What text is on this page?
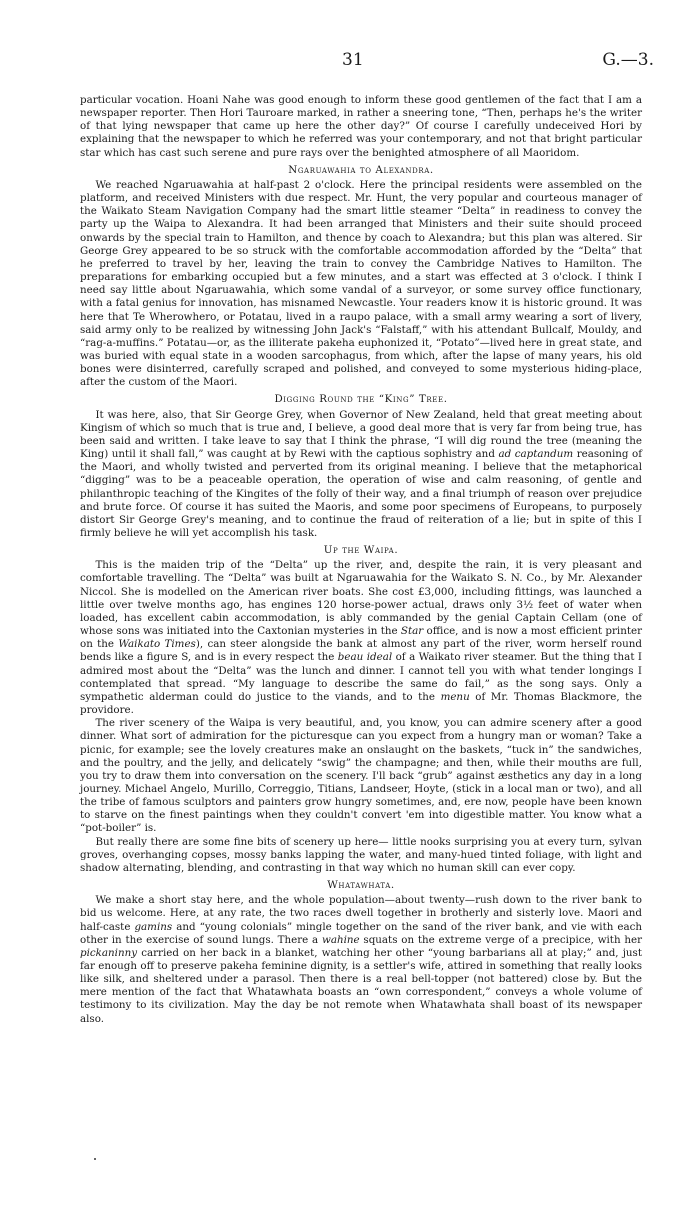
31	G.—3.

particular vocation. Hoani Nahe was good enough to inform these good gentlemen of the fact that I am a newspaper reporter. Then Hori Tauroare marked, in rather a sneering tone, “Then, perhaps he's the writer of that lying newspaper that came up here the other day?” Of course I carefully undeceived Hori by explaining that the newspaper to which he referred was your contemporary, and not that bright particular star which has cast such serene and pure rays over the benighted atmosphere of all Maoridom.

Ngaruawahia to Alexandra.

We reached Ngaruawahia at half-past 2 o'clock. Here the principal residents were assembled on the platform, and received Ministers with due respect. Mr. Hunt, the very popular and courteous manager of the Waikato Steam Navigation Company had the smart little steamer “Delta” in readiness to convey the party up the Waipa to Alexandra. It had been arranged that Ministers and their suite should proceed onwards by the special train to Hamilton, and thence by coach to Alexandra; but this plan was altered. Sir George Grey appeared to be so struck with the comfortable accommodation afforded by the “Delta” that he preferred to travel by her, leaving the train to convey the Cambridge Natives to Hamilton. The preparations for embarking occupied but a few minutes, and a start was effected at 3 o'clock. I think I need say little about Ngaruawahia, which some vandal of a surveyor, or some survey office functionary, with a fatal genius for innovation, has misnamed Newcastle. Your readers know it is historic ground. It was here that Te Wherowhero, or Potatau, lived in a raupo palace, with a small army wearing a sort of livery, said army only to be realized by witnessing John Jack's “Falstaff,” with his attendant Bullcalf, Mouldy, and “rag-a-muffins.” Potatau—or, as the illiterate pakeha euphonized it, “Potato”—lived here in great state, and was buried with equal state in a wooden sarcophagus, from which, after the lapse of many years, his old bones were disinterred, carefully scraped and polished, and conveyed to some mysterious hiding-place, after the custom of the Maori.

Digging Round the “King” Tree.

It was here, also, that Sir George Grey, when Governor of New Zealand, held that great meeting about Kingism of which so much that is true and, I believe, a good deal more that is very far from being true, has been said and written. I take leave to say that I think the phrase, “I will dig round the tree (meaning the King) until it shall fall,” was caught at by Rewi with the captious sophistry and ad captandum reasoning of the Maori, and wholly twisted and perverted from its original meaning. I believe that the metaphorical “digging” was to be a peaceable operation, the operation of wise and calm reasoning, of gentle and philanthropic teaching of the Kingites of the folly of their way, and a final triumph of reason over prejudice and brute force. Of course it has suited the Maoris, and some poor specimens of Europeans, to purposely distort Sir George Grey's meaning, and to continue the fraud of reiteration of a lie; but in spite of this I firmly believe he will yet accomplish his task.

Up the Waipa.

This is the maiden trip of the “Delta” up the river, and, despite the rain, it is very pleasant and comfortable travelling. The “Delta” was built at Ngaruawahia for the Waikato S. N. Co., by Mr. Alexander Niccol. She is modelled on the American river boats. She cost £3,000, including fittings, was launched a little over twelve months ago, has engines 120 horse-power actual, draws only 3½ feet of water when loaded, has excellent cabin accommodation, is ably commanded by the genial Captain Cellam (one of whose sons was initiated into the Caxtonian mysteries in the Star office, and is now a most efficient printer on the Waikato Times), can steer alongside the bank at almost any part of the river, worm herself round bends like a figure S, and is in every respect the beau ideal of a Waikato river steamer. But the thing that I admired most about the “Delta” was the lunch and dinner. I cannot tell you with what tender longings I contemplated that spread. “My language to describe the same do fail,” as the song says. Only a sympathetic alderman could do justice to the viands, and to the menu of Mr. Thomas Blackmore, the providore.

The river scenery of the Waipa is very beautiful, and, you know, you can admire scenery after a good dinner. What sort of admiration for the picturesque can you expect from a hungry man or woman? Take a picnic, for example; see the lovely creatures make an onslaught on the baskets, “tuck in” the sandwiches, and the poultry, and the jelly, and delicately “swig” the champagne; and then, while their mouths are full, you try to draw them into conversation on the scenery. I'll back “grub” against æsthetics any day in a long journey. Michael Angelo, Murillo, Correggio, Titians, Landseer, Hoyte, (stick in a local man or two), and all the tribe of famous sculptors and painters grow hungry sometimes, and, ere now, people have been known to starve on the finest paintings when they couldn't convert 'em into digestible matter. You know what a “pot-boiler” is.

But really there are some fine bits of scenery up here— little nooks surprising you at every turn, sylvan groves, overhanging copses, mossy banks lapping the water, and many-hued tinted foliage, with light and shadow alternating, blending, and contrasting in that way which no human skill can ever copy.

Whatawhata.

We make a short stay here, and the whole population—about twenty—rush down to the river bank to bid us welcome. Here, at any rate, the two races dwell together in brotherly and sisterly love. Maori and half-caste gamins and “young colonials” mingle together on the sand of the river bank, and vie with each other in the exercise of sound lungs. There a wahine squats on the extreme verge of a precipice, with her pickaninny carried on her back in a blanket, watching her other “young barbarians all at play;” and, just far enough off to preserve pakeha feminine dignity, is a settler's wife, attired in something that really looks like silk, and sheltered under a parasol. Then there is a real bell-topper (not battered) close by. But the mere mention of the fact that Whatawhata boasts an “own correspondent,” conveys a whole volume of testimony to its civilization. May the day be not remote when Whatawhata shall boast of its newspaper also.
